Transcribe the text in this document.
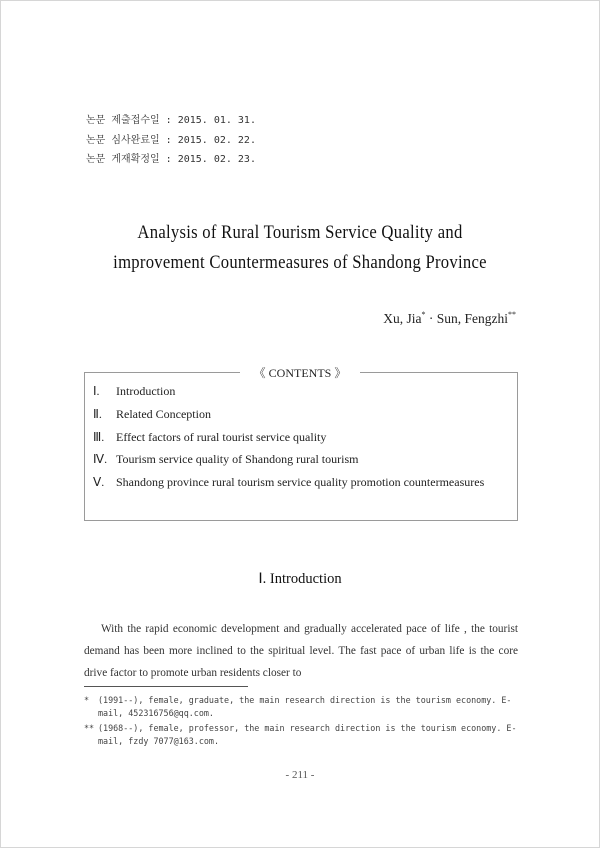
논문 제출접수일 : 2015. 01. 31.
논문 심사완료일 : 2015. 02. 22.
논문 게재확정일 : 2015. 02. 23.
Analysis of Rural Tourism Service Quality and
improvement Countermeasures of Shandong Province
Xu, Jia* · Sun, Fengzhi**
《 CONTENTS 》
Ⅰ.	Introduction
Ⅱ.	Related Conception
Ⅲ. Effect factors of rural tourist service quality
Ⅳ. Tourism service quality of Shandong rural tourism
Ⅴ. Shandong province rural tourism service quality promotion countermeasures
Ⅰ. Introduction
With the rapid economic development and gradually accelerated pace of life , the tourist demand has been more inclined to the spiritual level. The fast pace of urban life is the core drive factor to promote urban residents closer to
*	(1991--), female, graduate, the main research direction is the tourism economy. E-mail, 452316756@qq.com.
** (1968--), female, professor, the main research direction is the tourism economy. E-mail, fzdy 7077@163.com.
- 211 -
